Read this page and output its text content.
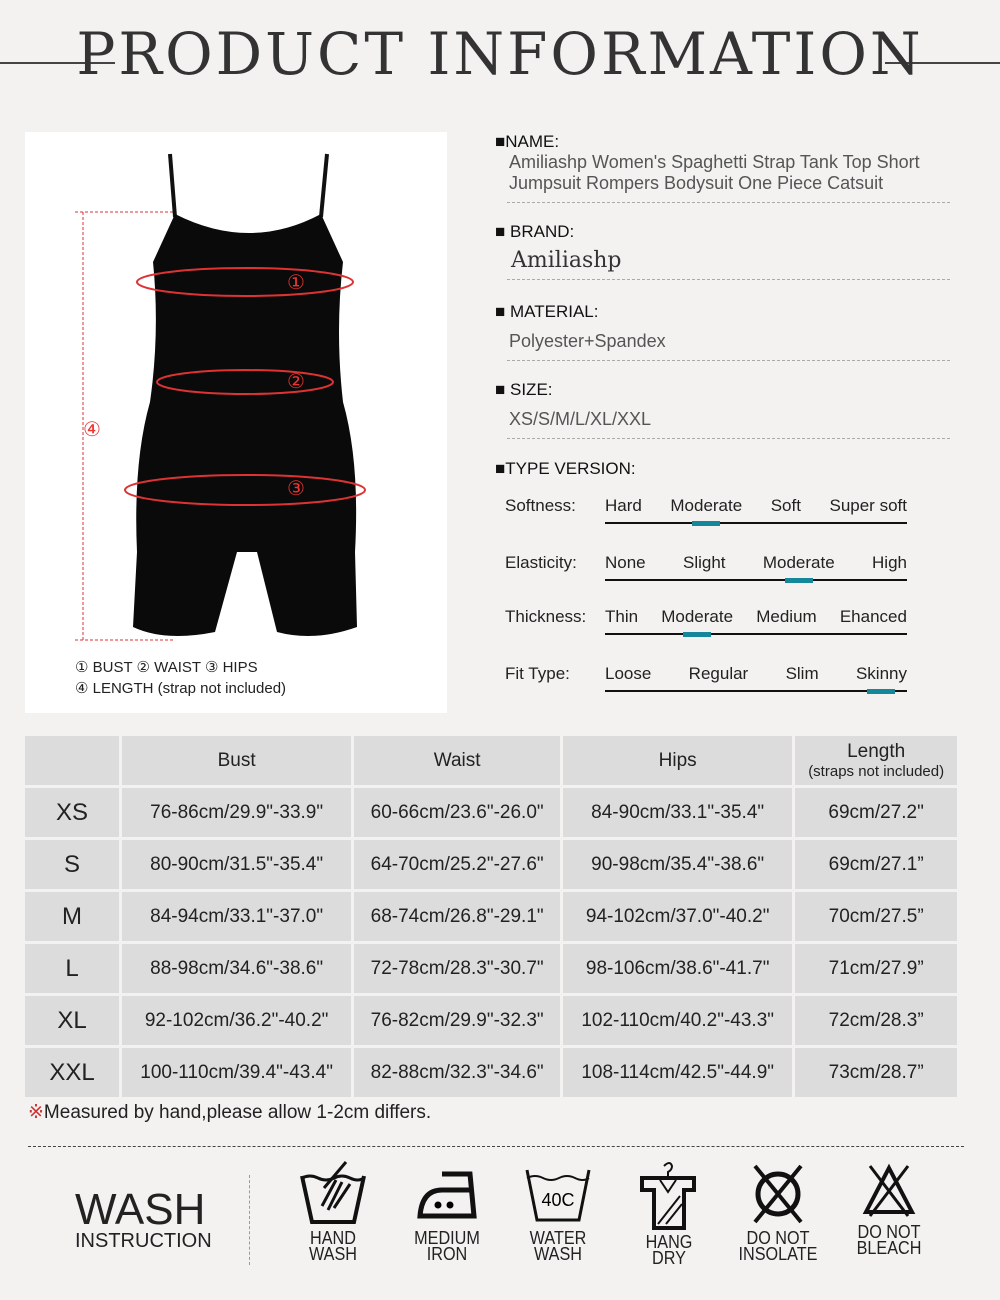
PRODUCT INFORMATION
①
②
③
④
① BUST ② WAIST ③ HIPS
④ LENGTH (strap not included)
■NAME:
Amiliashp Women's Spaghetti Strap Tank Top Short Jumpsuit Rompers Bodysuit One Piece Catsuit
■ BRAND:
Amiliashp
■ MATERIAL:
Polyester+Spandex
■ SIZE:
XS/S/M/L/XL/XXL
■TYPE VERSION:
Softness: Hard Moderate Soft Super soft
Elasticity: None Slight Moderate High
Thickness: Thin Moderate Medium Ehanced
Fit Type: Loose Regular Slim Skinny
	Bust	Waist	Hips	Length
(straps not included)

XS	76-86cm/29.9"-33.9"	60-66cm/23.6"-26.0"	84-90cm/33.1"-35.4"	69cm/27.2"
S	80-90cm/31.5"-35.4"	64-70cm/25.2"-27.6"	90-98cm/35.4"-38.6"	69cm/27.1”
M	84-94cm/33.1"-37.0"	68-74cm/26.8"-29.1"	94-102cm/37.0"-40.2"	70cm/27.5”
L	88-98cm/34.6"-38.6"	72-78cm/28.3"-30.7"	98-106cm/38.6"-41.7"	71cm/27.9”
XL	92-102cm/36.2"-40.2"	76-82cm/29.9"-32.3"	102-110cm/40.2"-43.3"	72cm/28.3”
XXL	100-110cm/39.4"-43.4"	82-88cm/32.3"-34.6"	108-114cm/42.5"-44.9"	73cm/28.7”
※Measured by hand,please allow 1-2cm differs.
WASH
INSTRUCTION	HAND
WASH
MEDIUM
IRON
40C
WATER
WASH
HANG
DRY
DO NOT
INSOLATE
DO NOT
BLEACH
